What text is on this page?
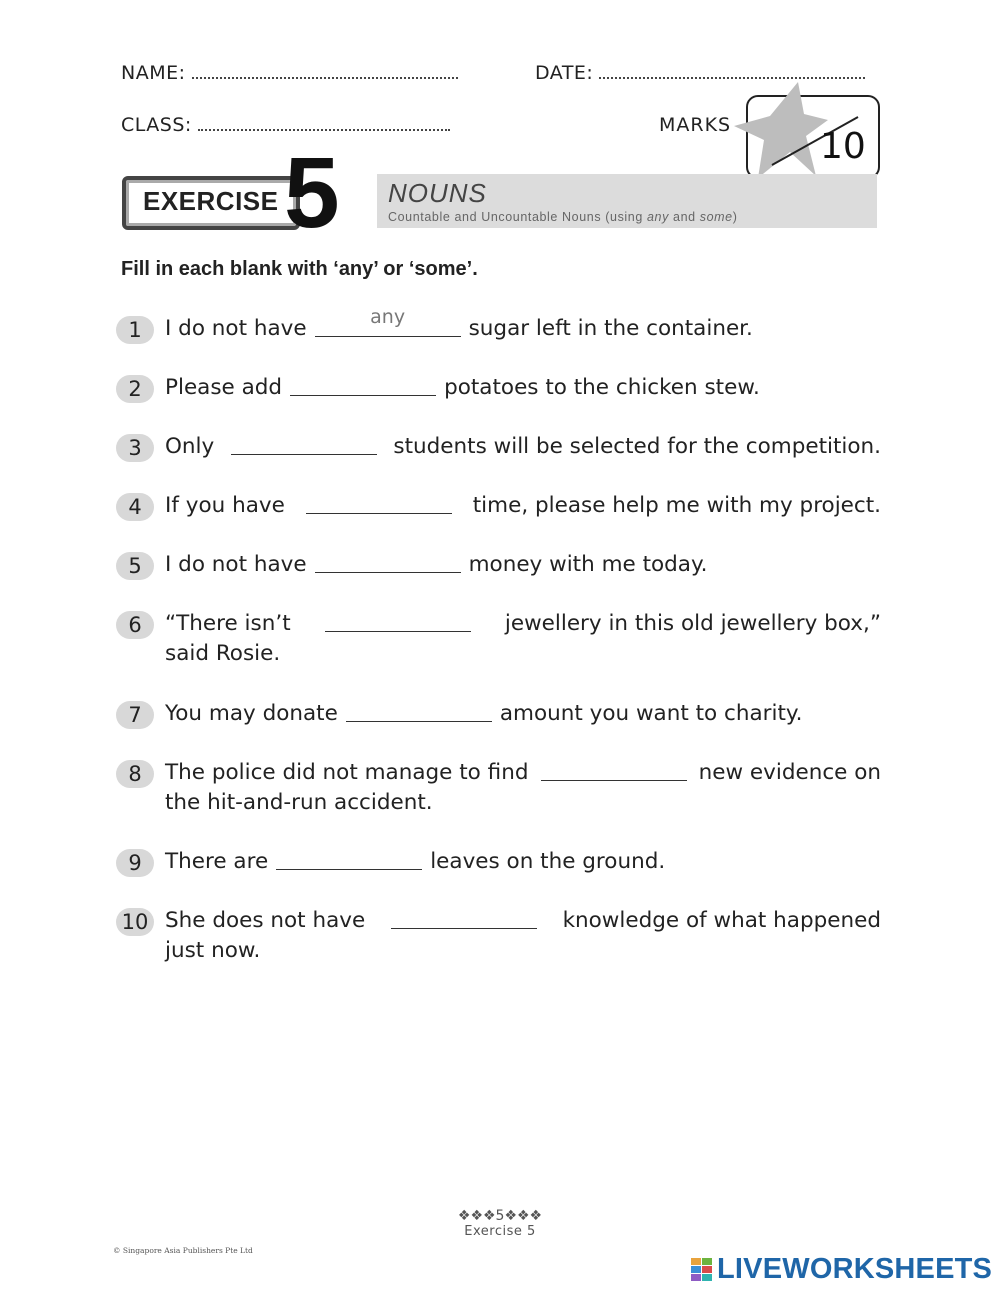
NAME:	DATE:
CLASS:	MARKS
10
EXERCISE 5 NOUNS
Countable and Uncountable Nouns (using any and some)
Fill in each blank with ‘any’ or ‘some’.
1	I do not have	any	sugar left in the container.
2	Please add	potatoes to the chicken stew.
3	Only	students will be selected for the competition.
4	If you have	time, please help me with my project.
5	I do not have	money with me today.
6	“There isn’t	jewellery in this old jewellery box,”
said Rosie.
7	You may donate	amount you want to charity.
8	The police did not manage to find	new evidence on
the hit-and-run accident.
9	There are	leaves on the ground.
10 She does not have	knowledge of what happened
just now.
❖❖❖5❖❖❖
Exercise 5
© Singapore Asia Publishers Pte Ltd
LIVEWORKSHEETS
